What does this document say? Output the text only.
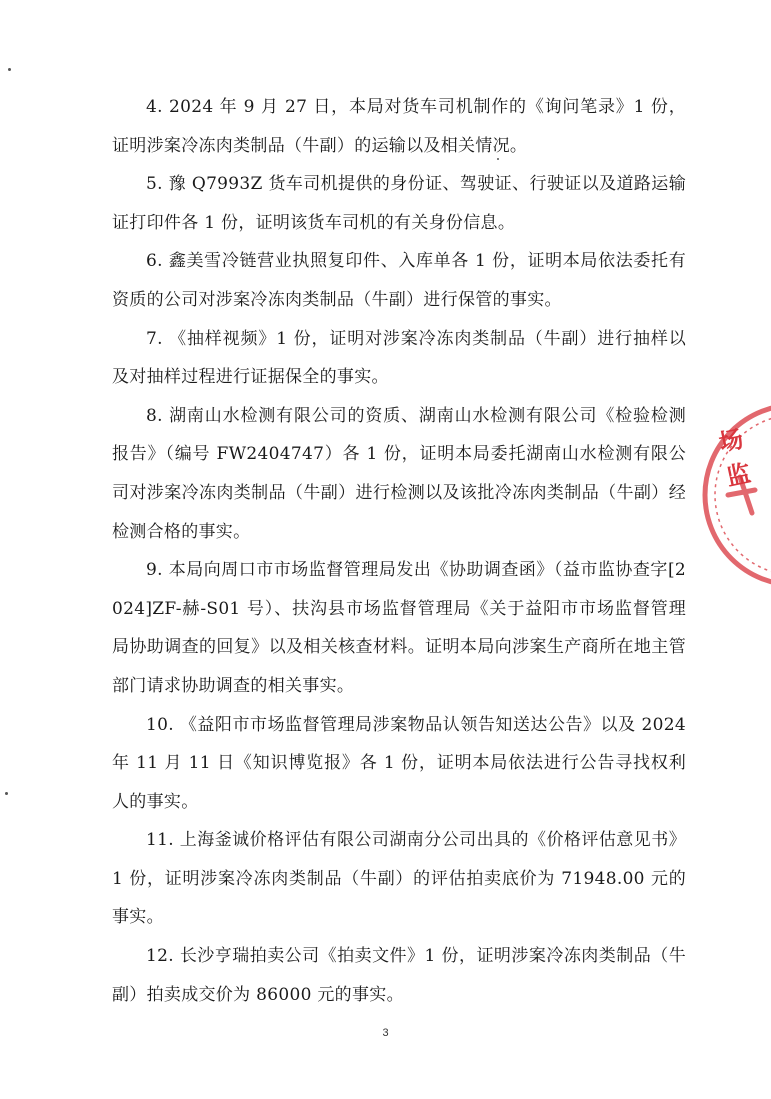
4. 2024 年 9 月 27 日，本局对货车司机制作的《询问笔录》1 份，证明涉案冷冻肉类制品（牛副）的运输以及相关情况。

5. 豫 Q7993Z 货车司机提供的身份证、驾驶证、行驶证以及道路运输证打印件各 1 份，证明该货车司机的有关身份信息。

6. 鑫美雪冷链营业执照复印件、入库单各 1 份，证明本局依法委托有资质的公司对涉案冷冻肉类制品（牛副）进行保管的事实。

7. 《抽样视频》1 份，证明对涉案冷冻肉类制品（牛副）进行抽样以及对抽样过程进行证据保全的事实。

8. 湖南山水检测有限公司的资质、湖南山水检测有限公司《检验检测报告》（编号 FW2404747）各 1 份，证明本局委托湖南山水检测有限公司对涉案冷冻肉类制品（牛副）进行检测以及该批冷冻肉类制品（牛副）经检测合格的事实。

9. 本局向周口市市场监督管理局发出《协助调查函》（益市监协查字[2024]ZF-赫-S01 号）、扶沟县市场监督管理局《关于益阳市市场监督管理局协助调查的回复》以及相关核查材料。证明本局向涉案生产商所在地主管部门请求协助调查的相关事实。

10. 《益阳市市场监督管理局涉案物品认领告知送达公告》以及 2024 年 11 月 11 日《知识博览报》各 1 份，证明本局依法进行公告寻找权利人的事实。

11. 上海釜诚价格评估有限公司湖南分公司出具的《价格评估意见书》1 份，证明涉案冷冻肉类制品（牛副）的评估拍卖底价为 71948.00 元的事实。

12. 长沙亨瑞拍卖公司《拍卖文件》1 份，证明涉案冷冻肉类制品（牛副）拍卖成交价为 86000 元的事实。

场监
3
